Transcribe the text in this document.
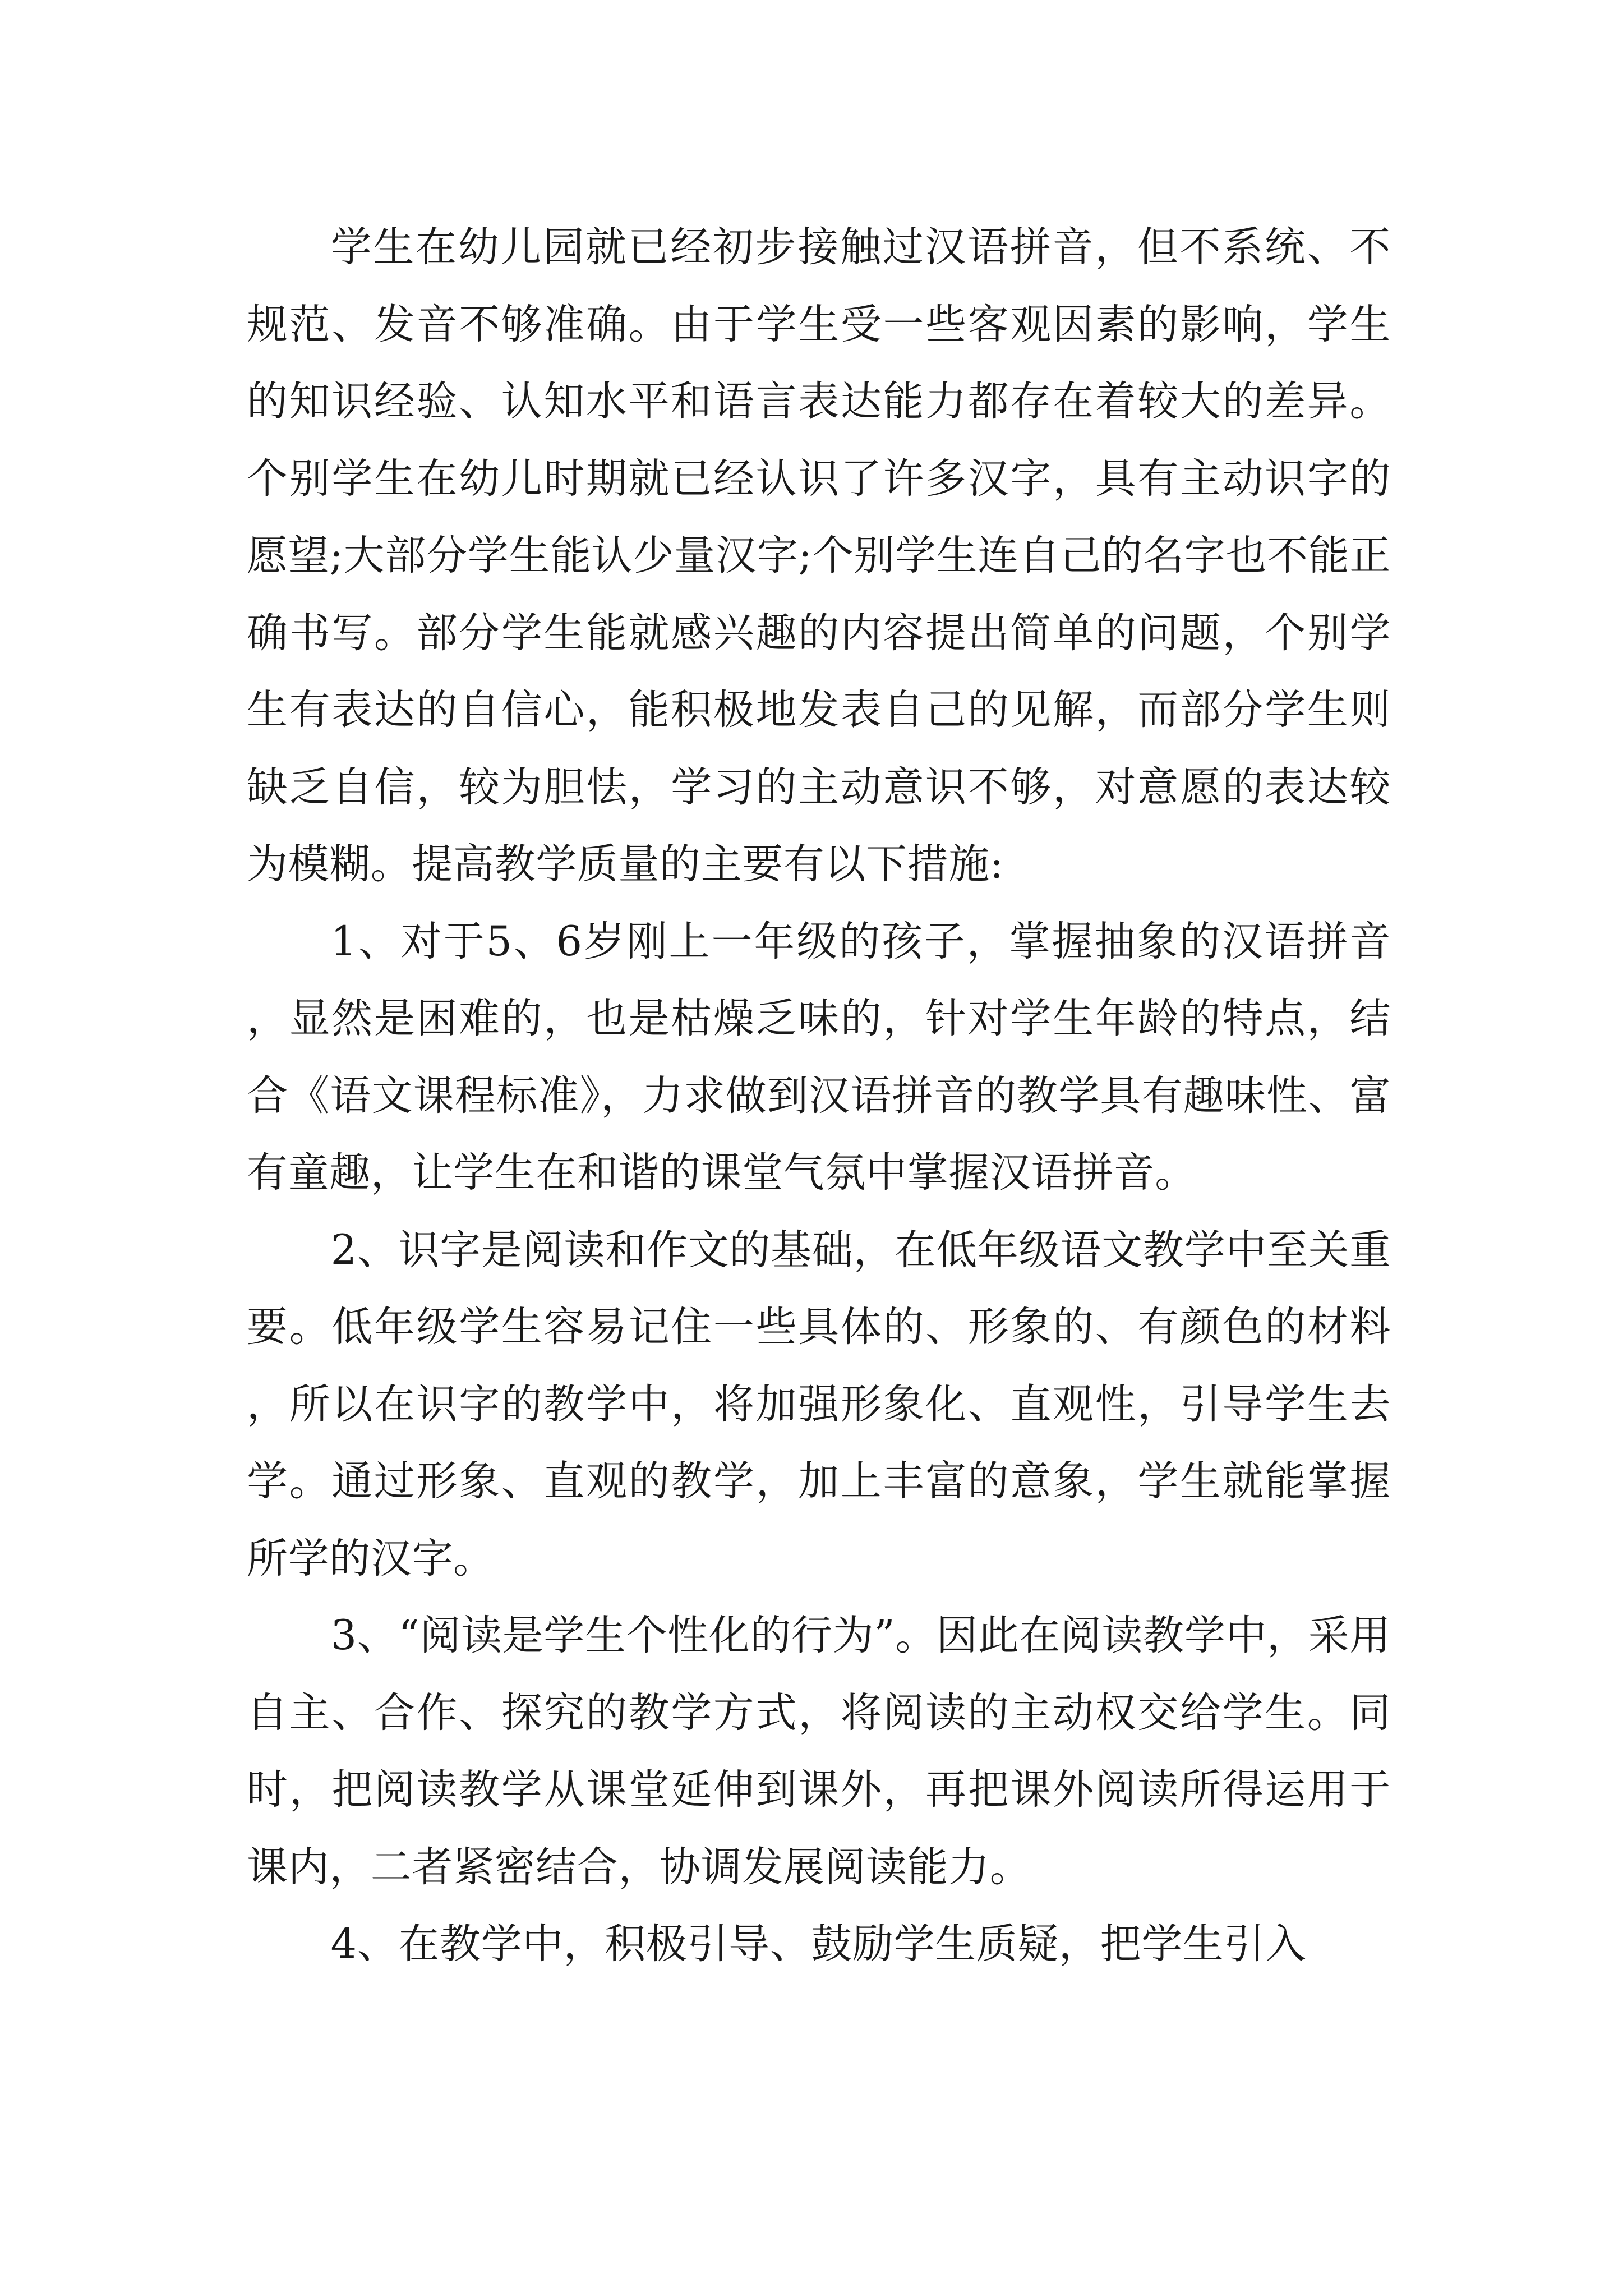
学生在幼儿园就已经初步接触过汉语拼音，但不系统、不规范、发音不够准确。由于学生受一些客观因素的影响，学生的知识经验、认知水平和语言表达能力都存在着较大的差异。个别学生在幼儿时期就已经认识了许多汉字，具有主动识字的愿望;大部分学生能认少量汉字;个别学生连自己的名字也不能正确书写。部分学生能就感兴趣的内容提出简单的问题，个别学生有表达的自信心，能积极地发表自己的见解，而部分学生则缺乏自信，较为胆怯，学习的主动意识不够，对意愿的表达较为模糊。提高教学质量的主要有以下措施:

1、对于5、6岁刚上一年级的孩子，掌握抽象的汉语拼音，显然是困难的，也是枯燥乏味的，针对学生年龄的特点，结合《语文课程标准》，力求做到汉语拼音的教学具有趣味性、富有童趣，让学生在和谐的课堂气氛中掌握汉语拼音。

2、识字是阅读和作文的基础，在低年级语文教学中至关重要。低年级学生容易记住一些具体的、形象的、有颜色的材料，所以在识字的教学中，将加强形象化、直观性，引导学生去学。通过形象、直观的教学，加上丰富的意象，学生就能掌握所学的汉字。

3、“阅读是学生个性化的行为”。因此在阅读教学中，采用自主、合作、探究的教学方式，将阅读的主动权交给学生。同时，把阅读教学从课堂延伸到课外，再把课外阅读所得运用于课内，二者紧密结合，协调发展阅读能力。

4、在教学中，积极引导、鼓励学生质疑，把学生引入
